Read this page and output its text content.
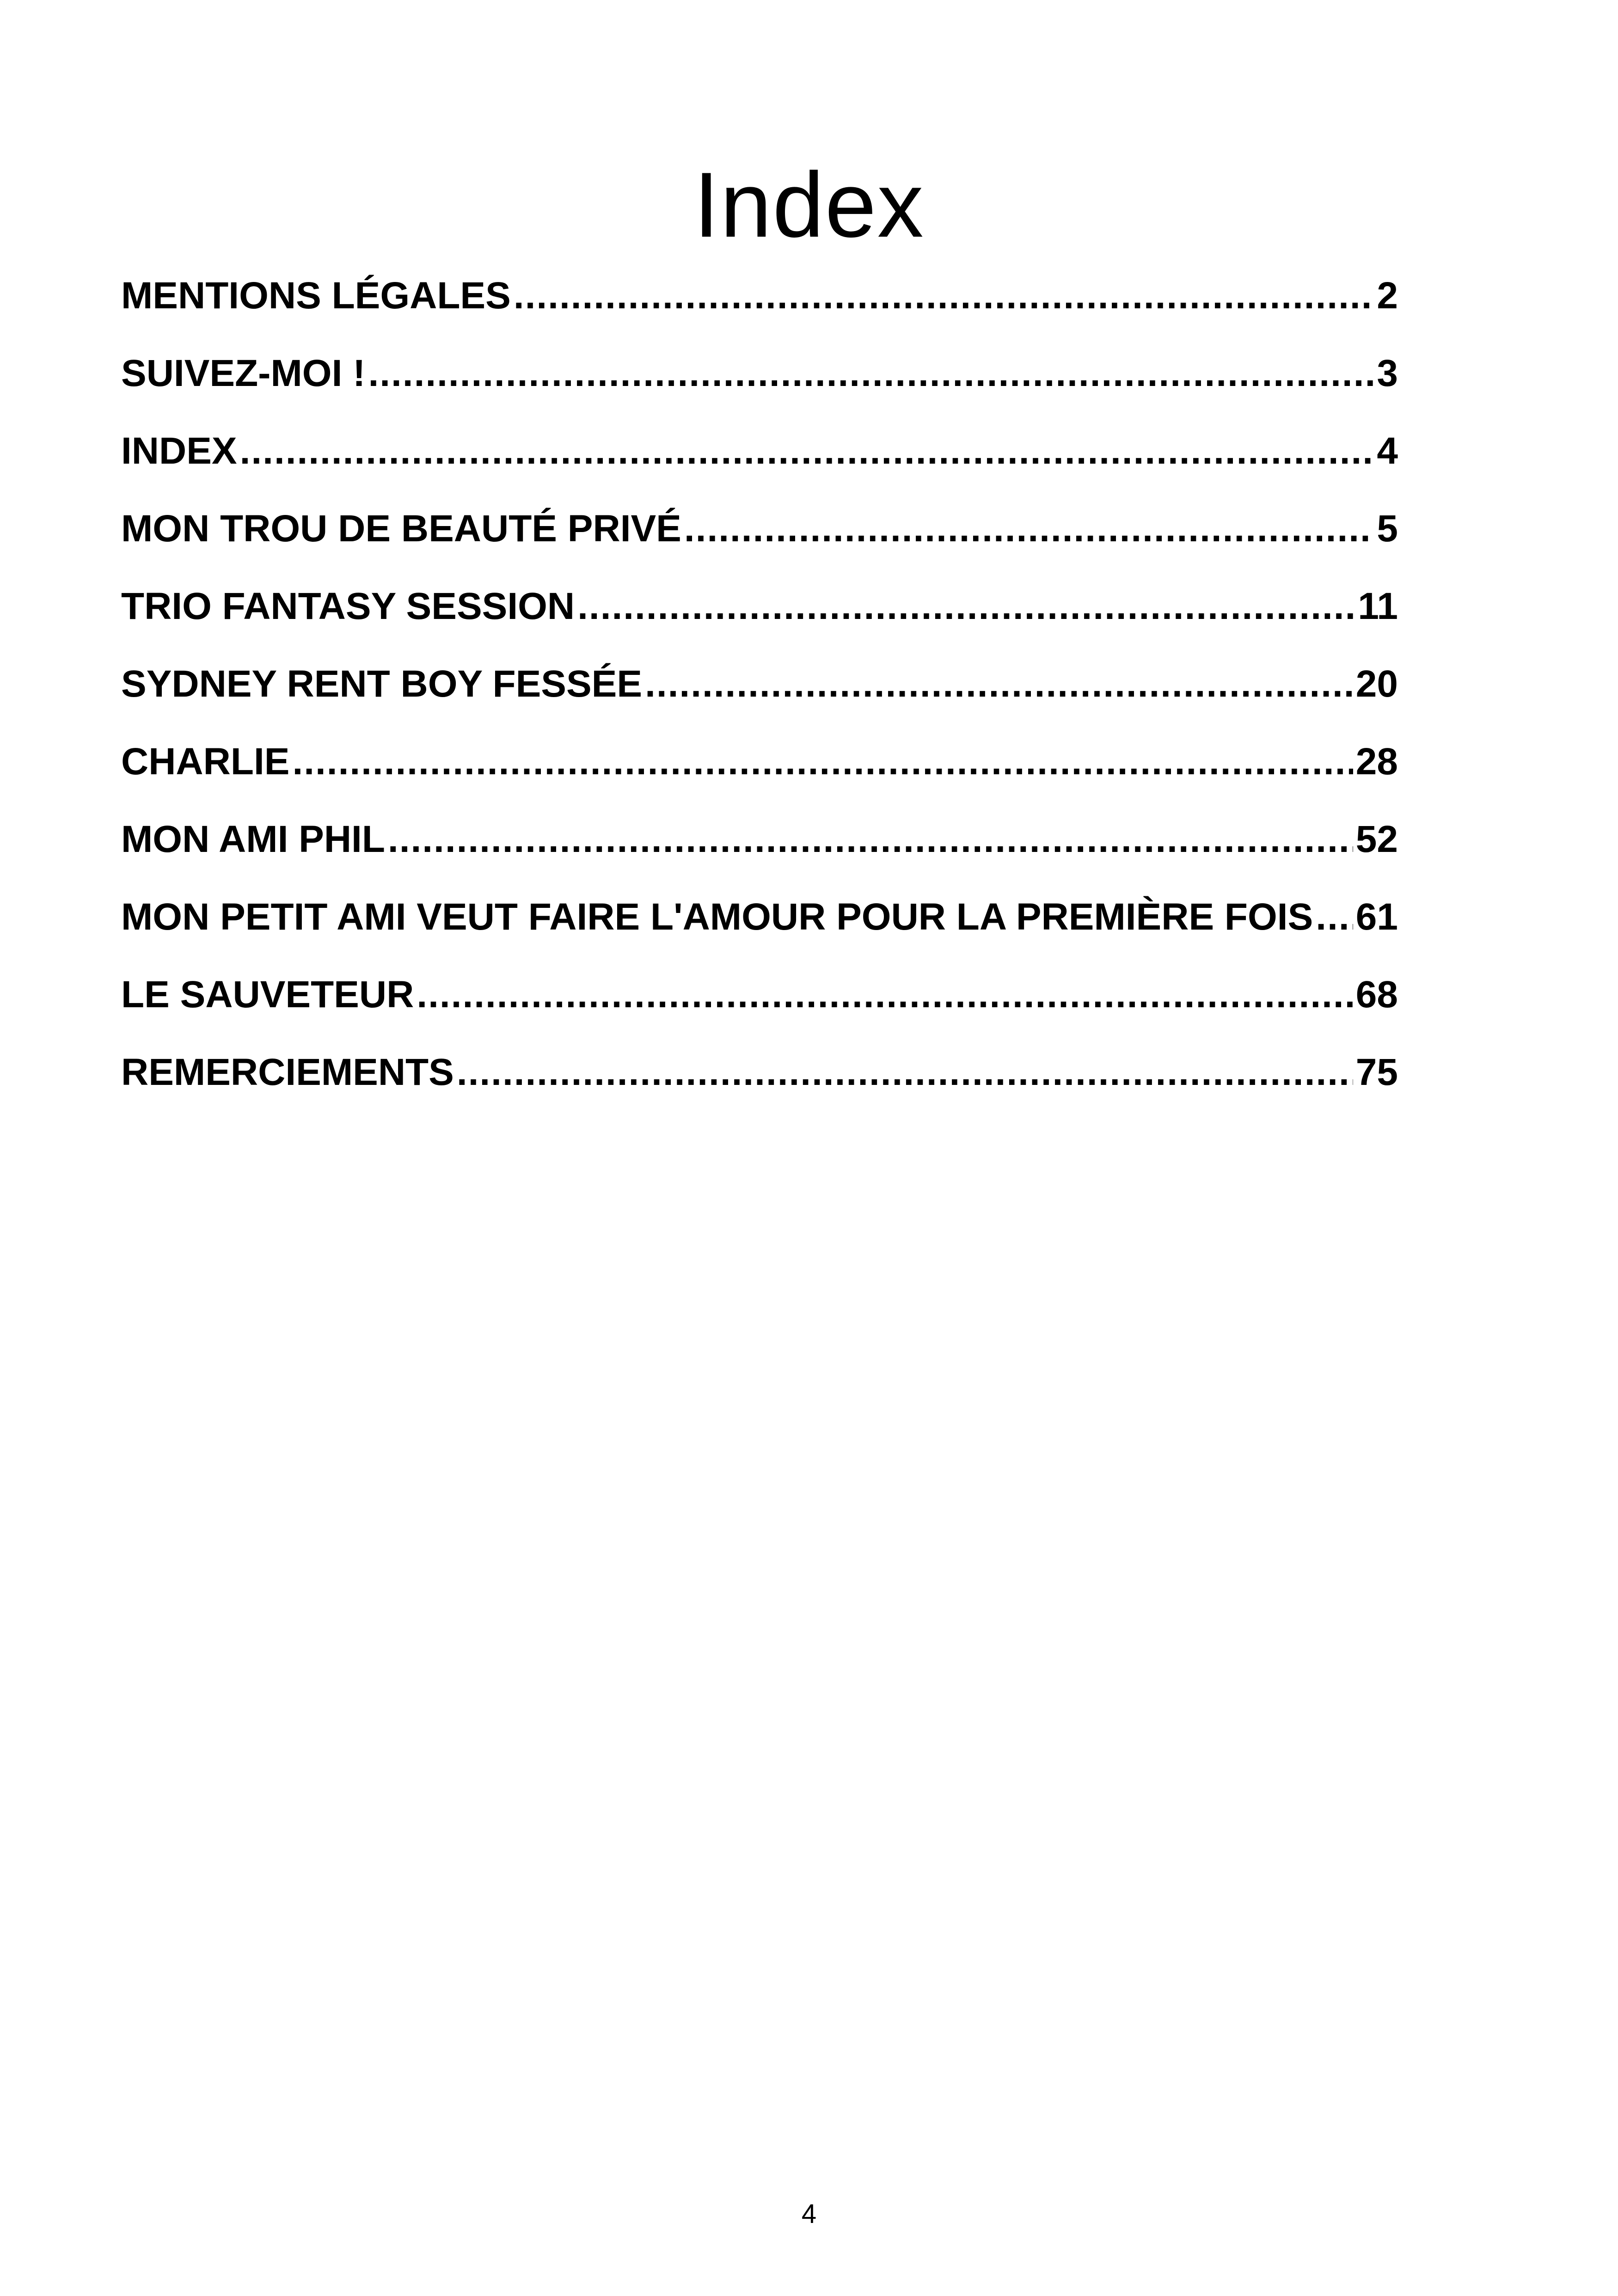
Index
MENTIONS LÉGALES .....	2
SUIVEZ-MOI ! .....	3
INDEX .....	4
MON TROU DE BEAUTÉ PRIVÉ .....	5
TRIO FANTASY SESSION .....	11
SYDNEY RENT BOY FESSÉE .....	20
CHARLIE .....	28
MON AMI PHIL .....	52
MON PETIT AMI VEUT FAIRE L'AMOUR POUR LA PREMIÈRE FOIS ..... 61
LE SAUVETEUR .....	68
REMERCIEMENTS .....	75
4
